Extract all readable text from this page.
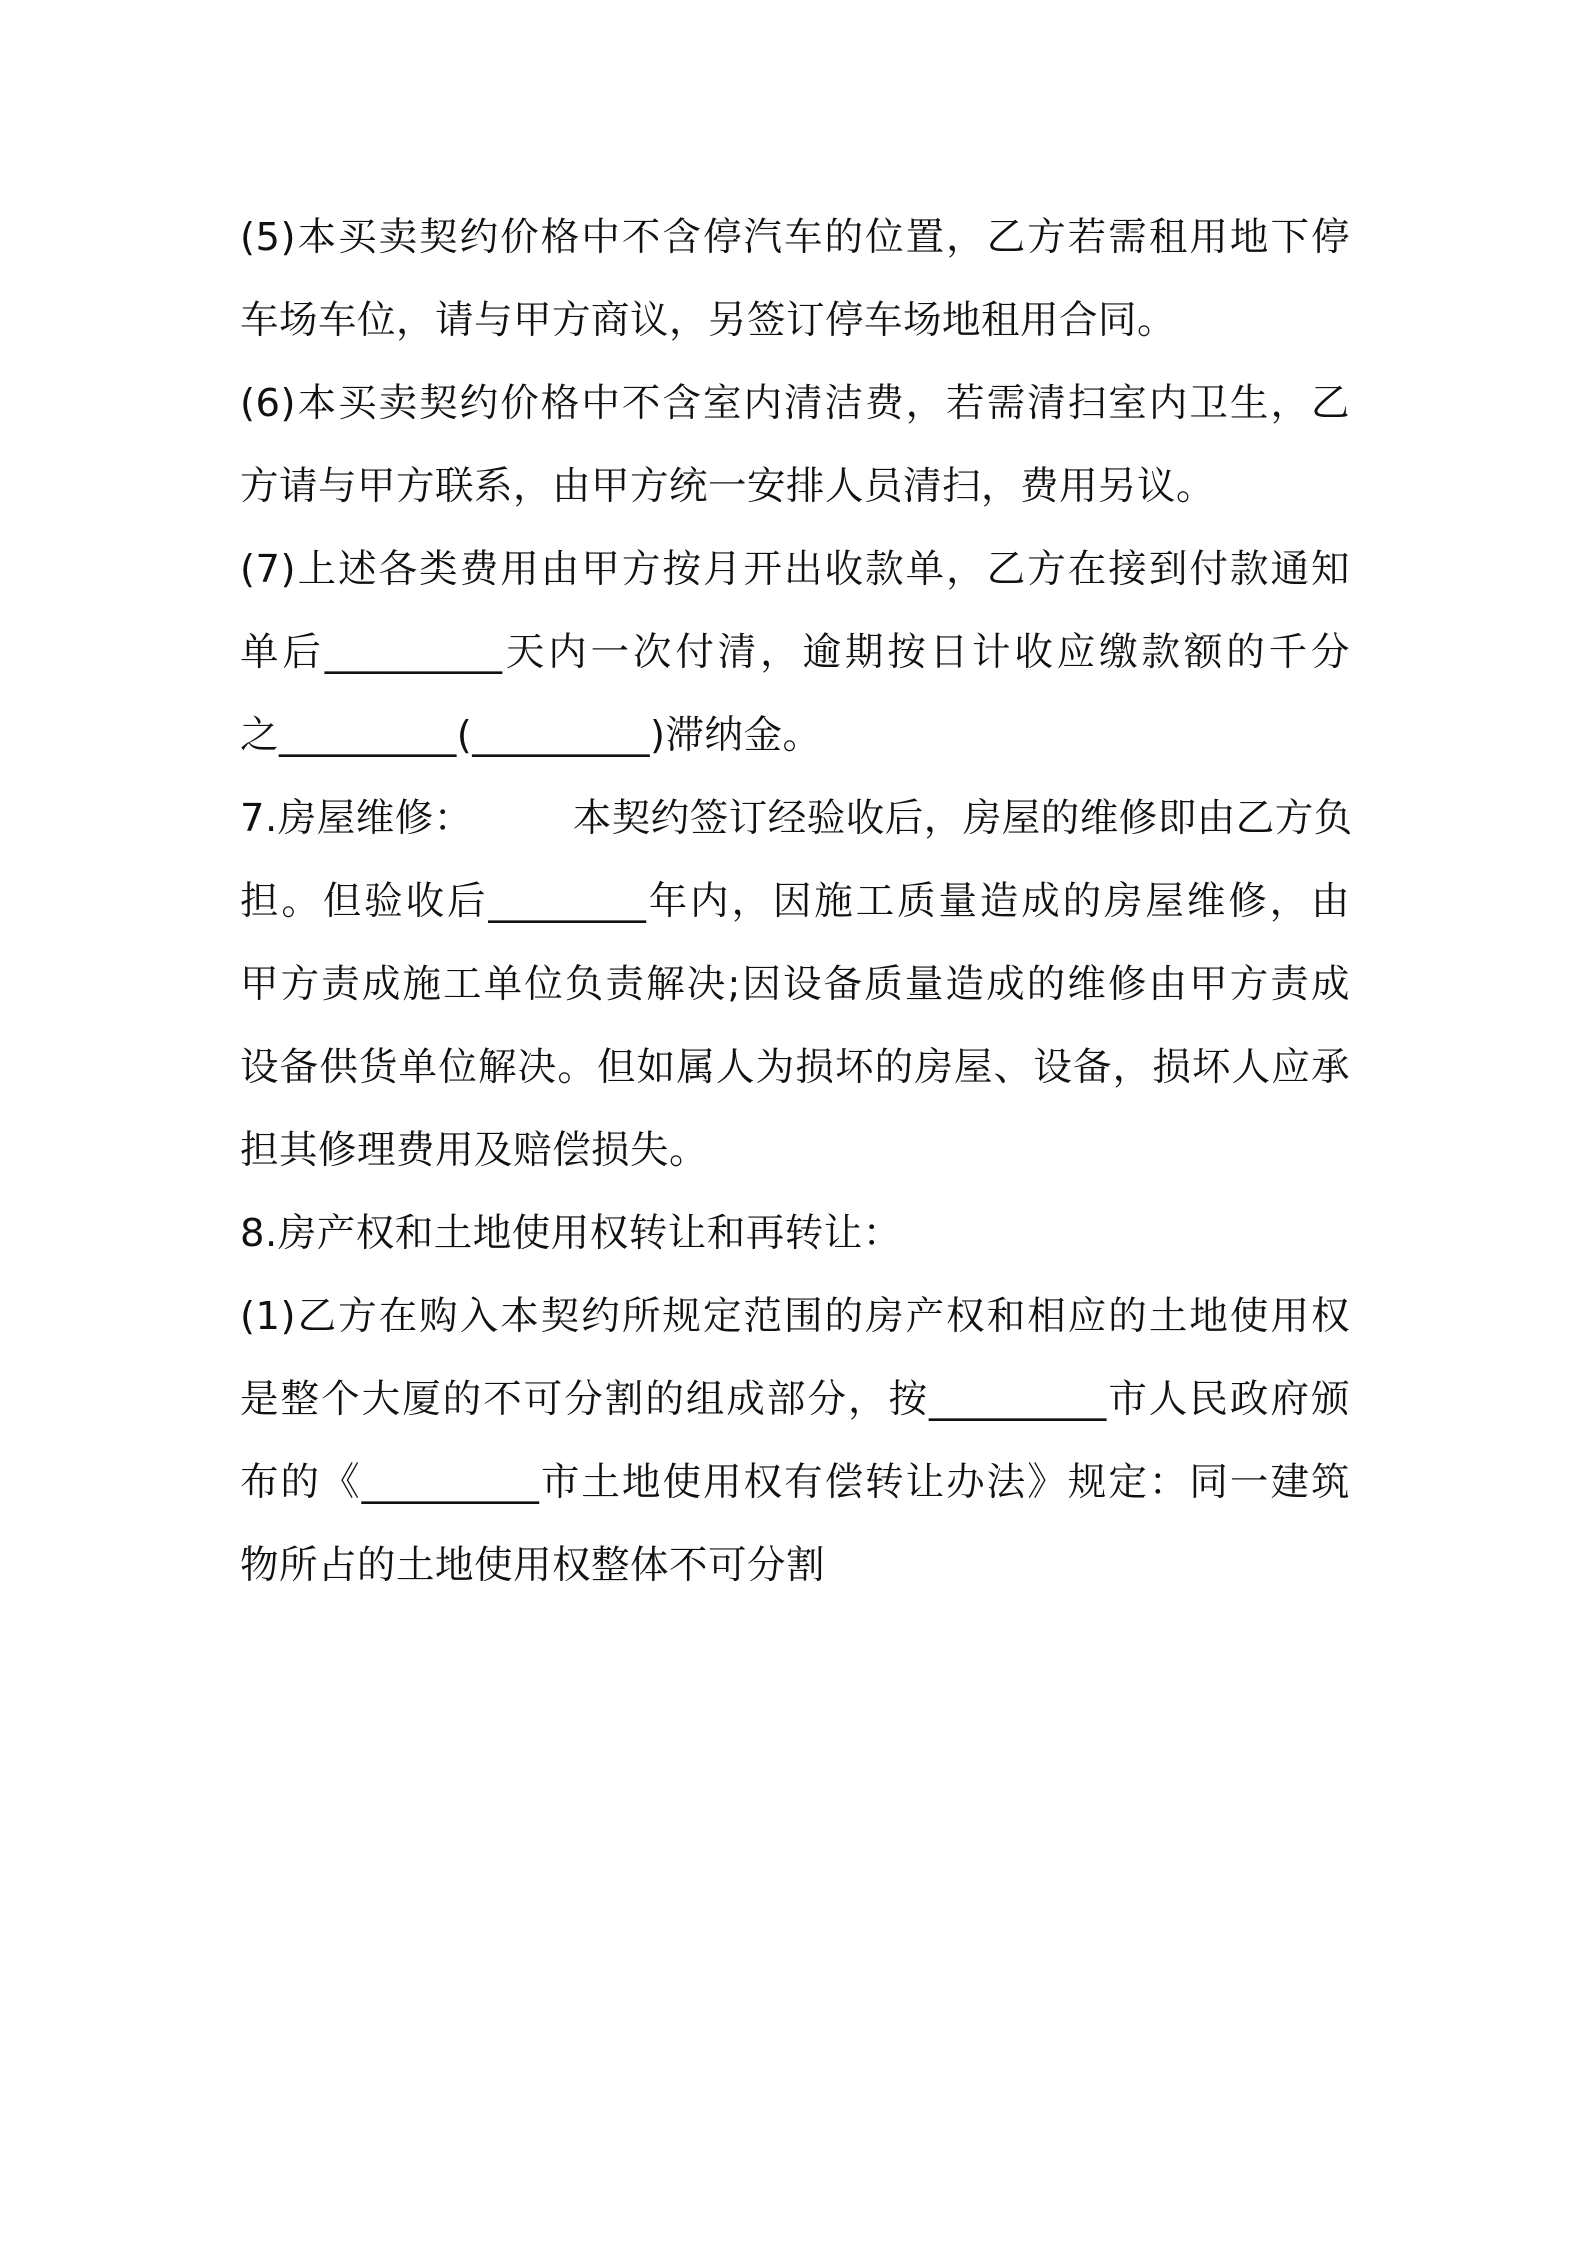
(5)本买卖契约价格中不含停汽车的位置，乙方若需租用地下停
车场车位，请与甲方商议，另签订停车场地租用合同。
(6)本买卖契约价格中不含室内清洁费，若需清扫室内卫生，乙
方请与甲方联系，由甲方统一安排人员清扫，费用另议。
(7)上述各类费用由甲方按月开出收款单，乙方在接到付款通知
单后_________天内一次付清，逾期按日计收应缴款额的千分
之_________(_________)滞纳金。
7.房屋维修：	本契约签订经验收后，房屋的维修即由乙方负
担。但验收后________年内，因施工质量造成的房屋维修，由
甲方责成施工单位负责解决;因设备质量造成的维修由甲方责成
设备供货单位解决。但如属人为损坏的房屋、设备，损坏人应承
担其修理费用及赔偿损失。
8.房产权和土地使用权转让和再转让：
(1)乙方在购入本契约所规定范围的房产权和相应的土地使用权
是整个大厦的不可分割的组成部分，按_________市人民政府颁
布的《_________市土地使用权有偿转让办法》规定：同一建筑
物所占的土地使用权整体不可分割
